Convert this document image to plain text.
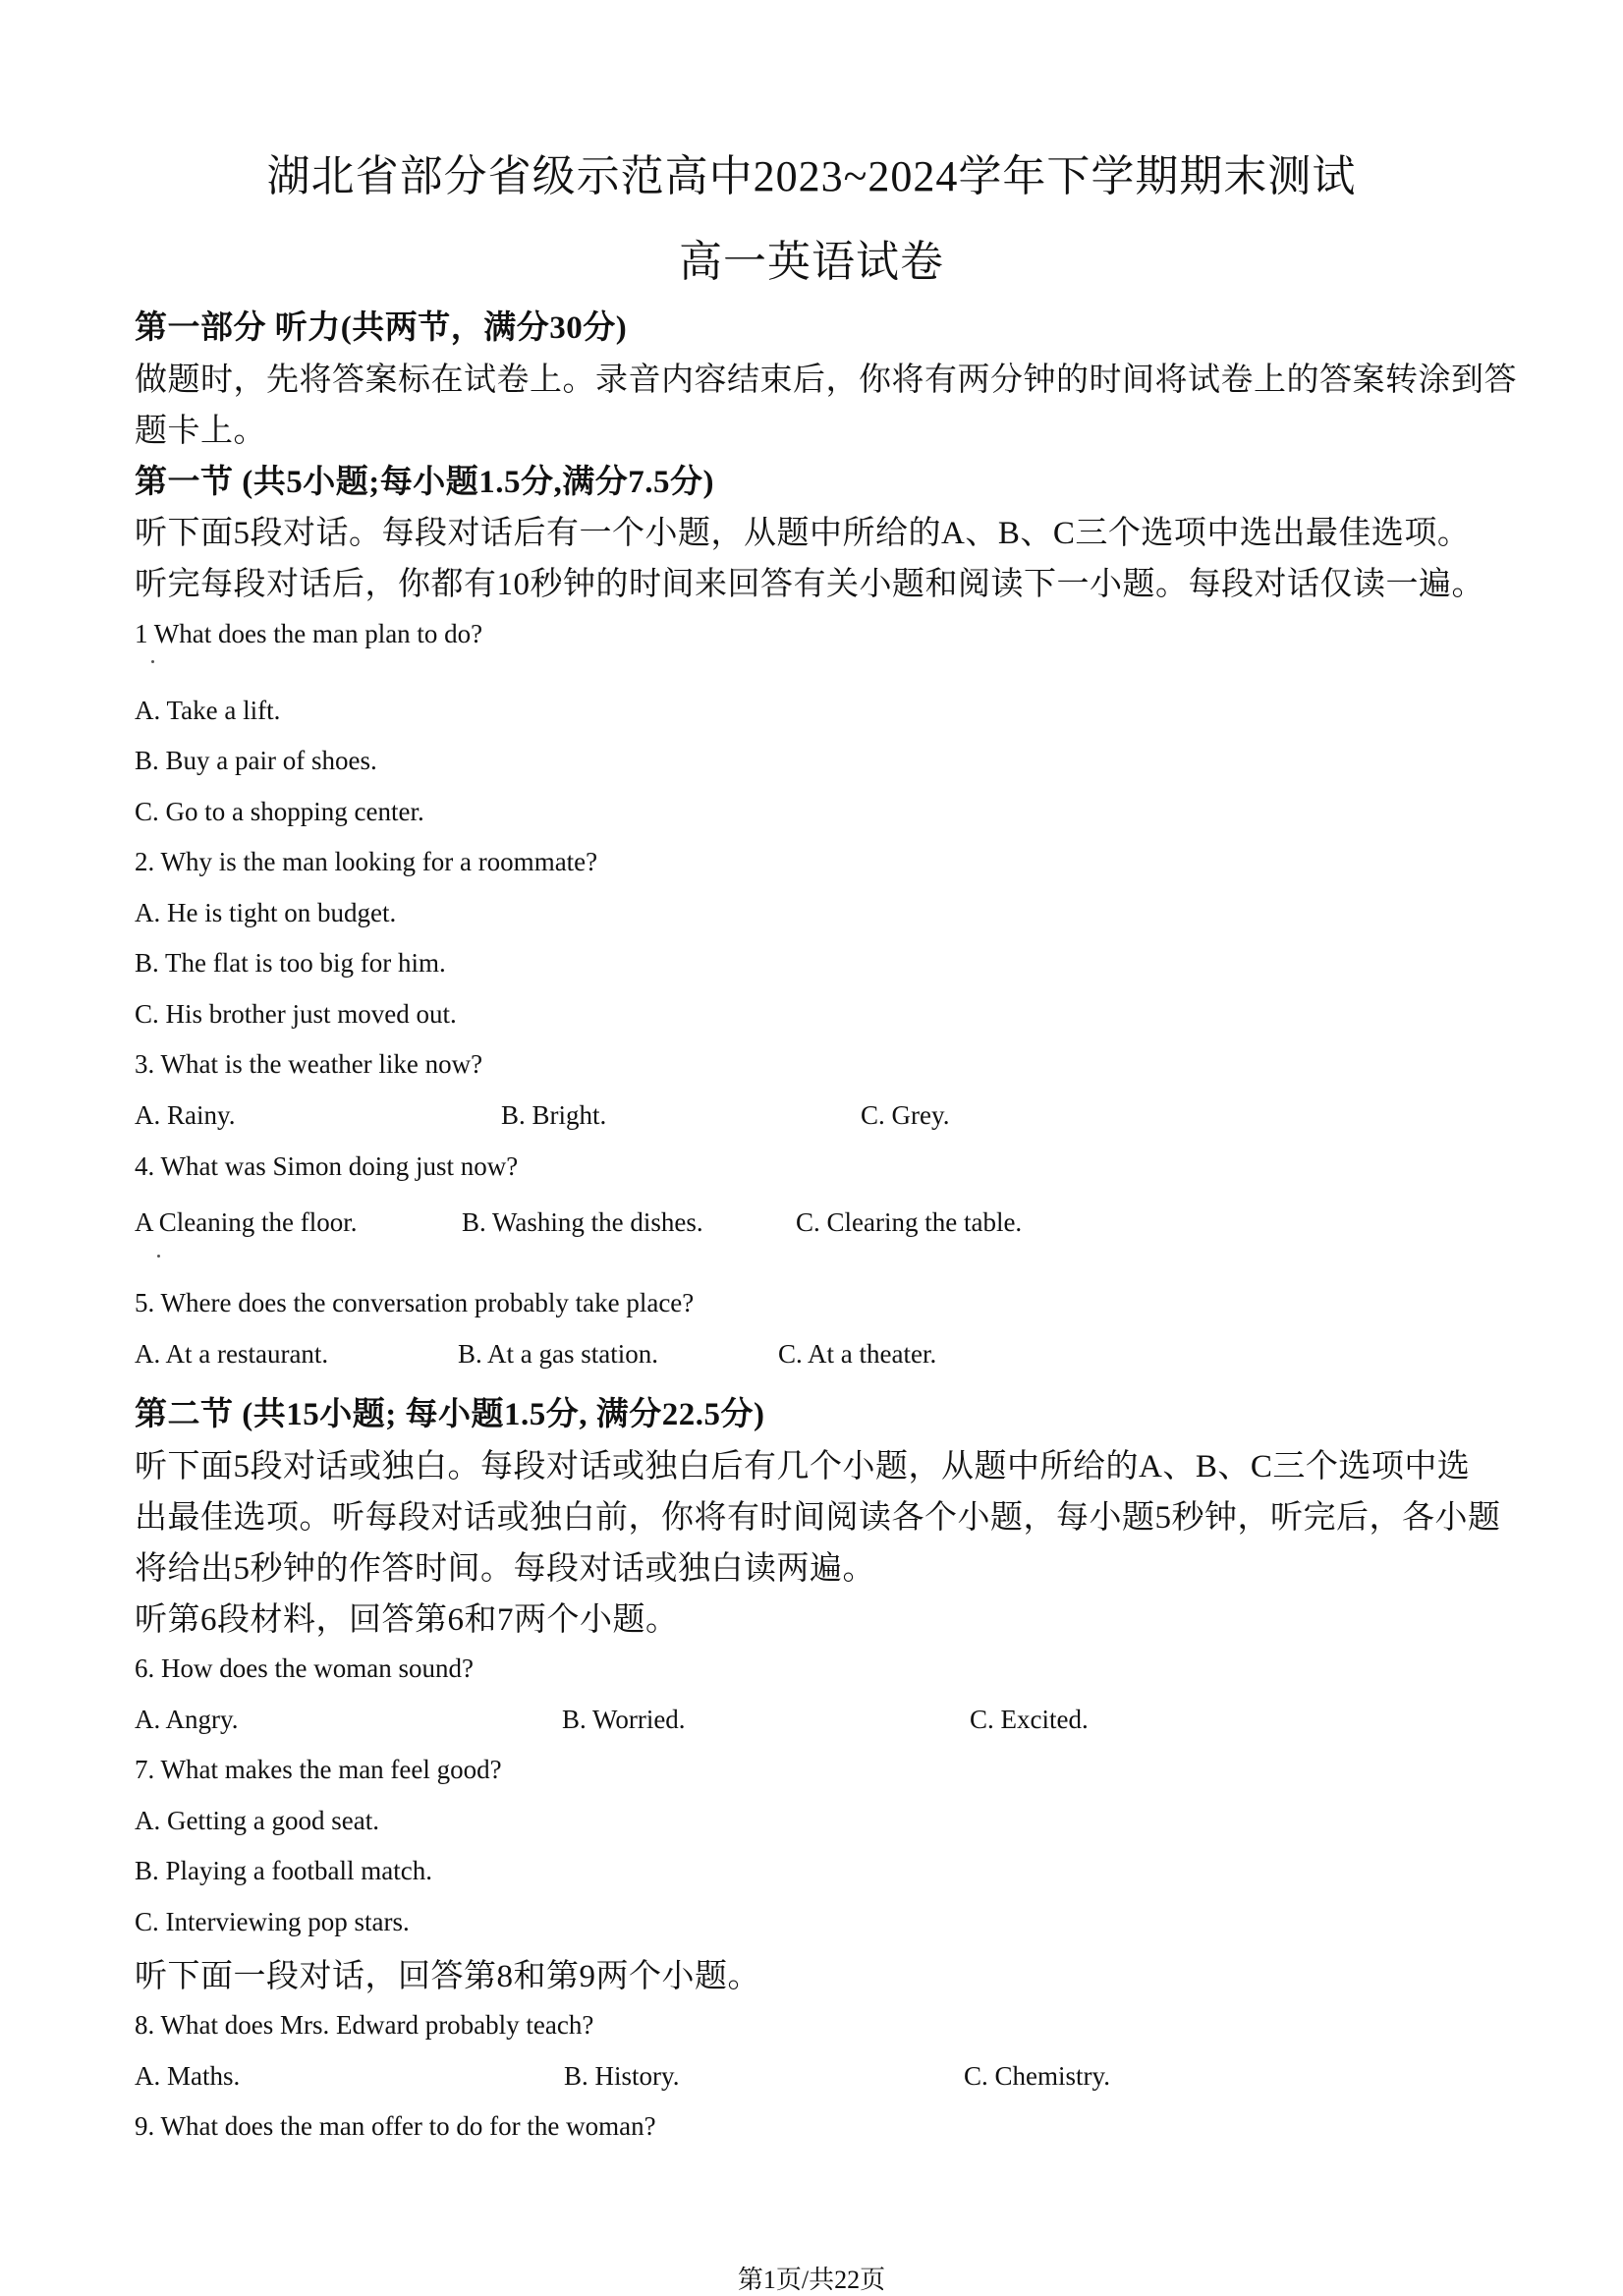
湖北省部分省级示范高中2023~2024学年下学期期末测试
高一英语试卷
第一部分 听力(共两节，满分30分)
做题时，先将答案标在试卷上。录音内容结束后，你将有两分钟的时间将试卷上的答案转涂到答
题卡上。
第一节 (共5小题;每小题1.5分,满分7.5分)
听下面5段对话。每段对话后有一个小题，从题中所给的A、B、C三个选项中选出最佳选项。
听完每段对话后，你都有10秒钟的时间来回答有关小题和阅读下一小题。每段对话仅读一遍。
1 What does the man plan to do?
A. Take a lift.
B. Buy a pair of shoes.
C. Go to a shopping center.
2. Why is the man looking for a roommate?
A. He is tight on budget.
B. The flat is too big for him.
C. His brother just moved out.
3. What is the weather like now?
A. Rainy.	B. Bright.	C. Grey.
4. What was Simon doing just now?
A Cleaning the floor.	B. Washing the dishes.	C. Clearing the table.
5. Where does the conversation probably take place?
A. At a restaurant.	B. At a gas station.	C. At a theater.
第二节 (共15小题; 每小题1.5分, 满分22.5分)
听下面5段对话或独白。每段对话或独白后有几个小题，从题中所给的A、B、C三个选项中选
出最佳选项。听每段对话或独白前，你将有时间阅读各个小题，每小题5秒钟，听完后，各小题
将给出5秒钟的作答时间。每段对话或独白读两遍。
听第6段材料，回答第6和7两个小题。
6. How does the woman sound?
A. Angry.	B. Worried.	C. Excited.
7. What makes the man feel good?
A. Getting a good seat.
B. Playing a football match.
C. Interviewing pop stars.
听下面一段对话，回答第8和第9两个小题。
8. What does Mrs. Edward probably teach?
A. Maths.	B. History.	C. Chemistry.
9. What does the man offer to do for the woman?
第1页/共22页
